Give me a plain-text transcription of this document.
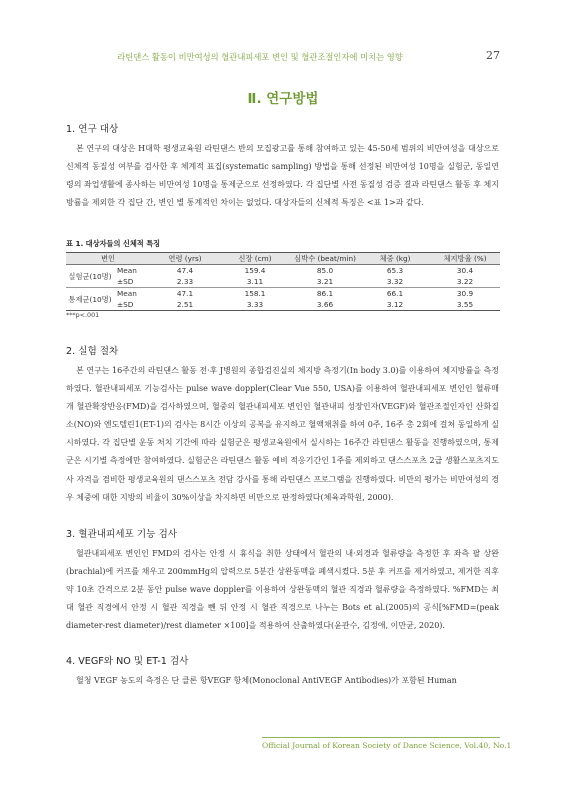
라틴댄스 활동이 비만여성의 혈관내피세포 변인 및 혈관조절인자에 미치는 영향	27
Ⅱ. 연구방법
1. 연구 대상

본 연구의 대상은 H대학 평생교육원 라틴댄스 반의 모집광고를 통해 참여하고 있는 45-50세 범위의 비만여성을 대상으로 신체적 동질성 여부를 검사한 후 체계적 표집(systematic sampling) 방법을 통해 선정된 비만여성 10명을 실험군, 동일연령의 좌업생활에 종사하는 비만여성 10명을 통제군으로 선정하였다. 각 집단별 사전 동질성 검증 결과 라틴댄스 활동 후 체지방률을 제외한 각 집단 간, 변인 별 통계적인 차이는 없었다. 대상자들의 신체적 특징은 <표 1>과 같다.

표 1. 대상자들의 신체적 특징
변인		연령 (yrs)	신장 (cm)	심박수 (beat/min)	체중 (kg)	체지방율 (%)
실험군(10명)	Mean	47.4	159.4	85.0	65.3	30.4
	±SD	2.33	3.11	3.21	3.32	3.22
통제군(10명)	Mean	47.1	158.1	86.1	66.1	30.9
	±SD	2.51	3.33	3.66	3.12	3.55
***p<.001
2. 실험 절차

본 연구는 16주간의 라틴댄스 활동 전·후 J병원의 종합검진실의 체지방 측정기(In body 3.0)를 이용하여 체지방률을 측정하였다. 혈관내피세포 기능검사는 pulse wave doppler(Clear Vue 550, USA)를 이용하여 혈관내피세포 변인인 혈류매개 혈관확장반응(FMD)을 검사하였으며, 혈중의 혈관내피세포 변인인 혈관내피 성장인자(VEGF)와 혈관조절인자인 산화질소(NO)와 엔도텔린1(ET-1)의 검사는 8시간 이상의 공복을 유지하고 혈액채취를 하여 0주, 16주 총 2회에 걸쳐 동일하게 실시하였다. 각 집단별 운동 처치 기간에 따라 실험군은 평생교육원에서 실시하는 16주간 라틴댄스 활동을 진행하였으며, 통제군은 시기별 측정에만 참여하였다. 실험군은 라틴댄스 활동 예비 적응기간인 1주를 제외하고 댄스스포츠 2급 생활스포츠지도사 자격을 겸비한 평생교육원의 댄스스포츠 전담 강사를 통해 라틴댄스 프로그램을 진행하였다. 비만의 평가는 비만여성의 경우 체중에 대한 지방의 비율이 30%이상을 차지하면 비만으로 판정하였다(체육과학원, 2000).

3. 혈관내피세포 기능 검사

혈관내피세포 변인인 FMD의 검사는 안정 시 휴식을 취한 상태에서 혈관의 내·외경과 혈류량을 측정한 후 좌측 팔 상완(brachial)에 커프를 채우고 200mmHg의 압력으로 5분간 상완동맥을 폐색시켰다. 5분 후 커프를 제거하였고, 제거한 직후 약 10초 간격으로 2분 동안 pulse wave doppler를 이용하여 상완동맥의 혈관 직경과 혈류량을 측정하였다. %FMD는 최대 혈관 직경에서 안정 시 혈관 직경을 뺀 뒤 안정 시 혈관 직경으로 나누는 Bots et al.(2005)의 공식[%FMD=(peak diameter-rest diameter)/rest diameter ×100]을 적용하여 산출하였다(윤관수, 김정애, 이만균, 2020).

4. VEGF와 NO 및 ET-1 검사

혈청 VEGF 농도의 측정은 단 클론 항VEGF 항체(Monoclonal AntiVEGF Antibodies)가 포함된 Human

Official Journal of Korean Society of Dance Science, Vol.40, No.1
